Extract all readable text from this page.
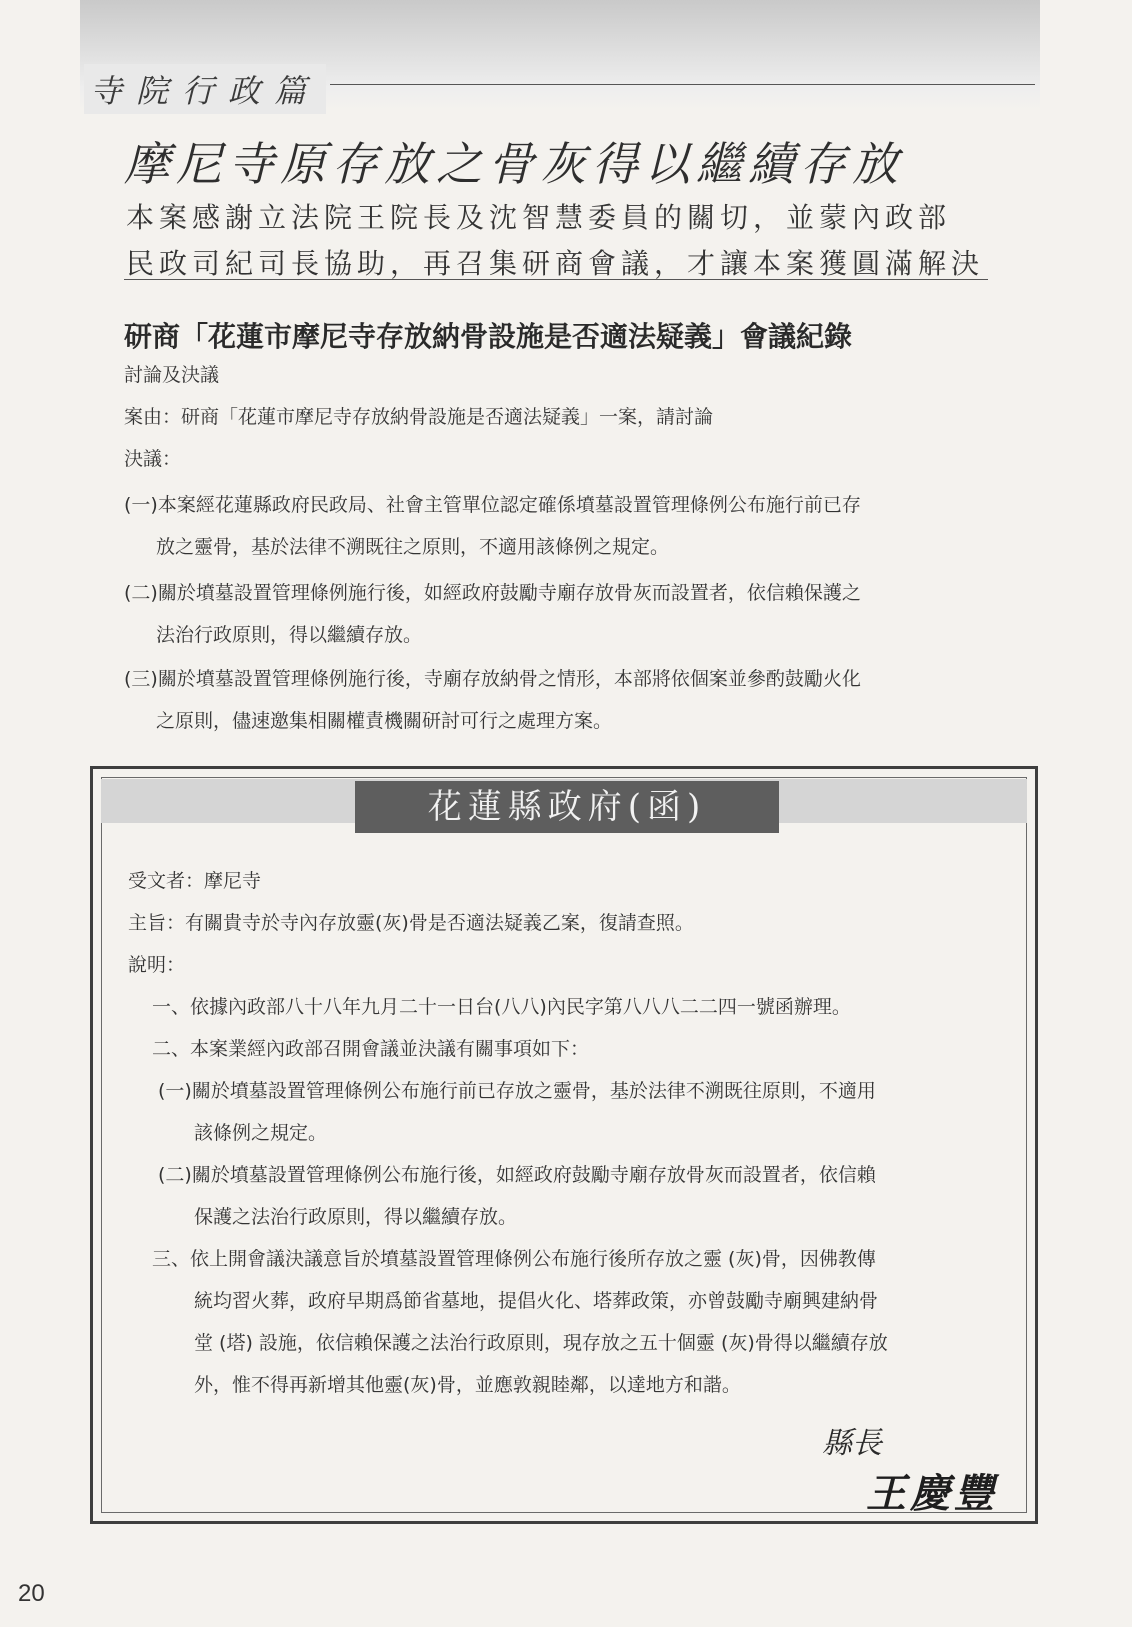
寺院行政篇
摩尼寺原存放之骨灰得以繼續存放
本案感謝立法院王院長及沈智慧委員的關切，並蒙內政部
民政司紀司長協助，再召集研商會議，才讓本案獲圓滿解決
研商「花蓮市摩尼寺存放納骨設施是否適法疑義」會議紀錄
討論及決議
案由：研商「花蓮市摩尼寺存放納骨設施是否適法疑義」一案，請討論
決議：
(一)本案經花蓮縣政府民政局、社會主管單位認定確係墳墓設置管理條例公布施行前已存
放之靈骨，基於法律不溯既往之原則，不適用該條例之規定。
(二)關於墳墓設置管理條例施行後，如經政府鼓勵寺廟存放骨灰而設置者，依信賴保護之
法治行政原則，得以繼續存放。
(三)關於墳墓設置管理條例施行後，寺廟存放納骨之情形，本部將依個案並參酌鼓勵火化
之原則，儘速邀集相關權責機關研討可行之處理方案。
花蓮縣政府(函)
受文者：摩尼寺
主旨：有關貴寺於寺內存放靈(灰)骨是否適法疑義乙案，復請查照。
說明：
一、依據內政部八十八年九月二十一日台(八八)內民字第八八八二二四一號函辦理。
二、本案業經內政部召開會議並決議有關事項如下：
(一)關於墳墓設置管理條例公布施行前已存放之靈骨，基於法律不溯既往原則，不適用
該條例之規定。
(二)關於墳墓設置管理條例公布施行後，如經政府鼓勵寺廟存放骨灰而設置者，依信賴
保護之法治行政原則，得以繼續存放。
三、依上開會議決議意旨於墳墓設置管理條例公布施行後所存放之靈 (灰)骨，因佛教傳
統均習火葬，政府早期爲節省墓地，提倡火化、塔葬政策，亦曾鼓勵寺廟興建納骨
堂 (塔) 設施，依信賴保護之法治行政原則，現存放之五十個靈 (灰)骨得以繼續存放
外，惟不得再新增其他靈(灰)骨，並應敦親睦鄰，以達地方和諧。
縣長
王慶豐
20
